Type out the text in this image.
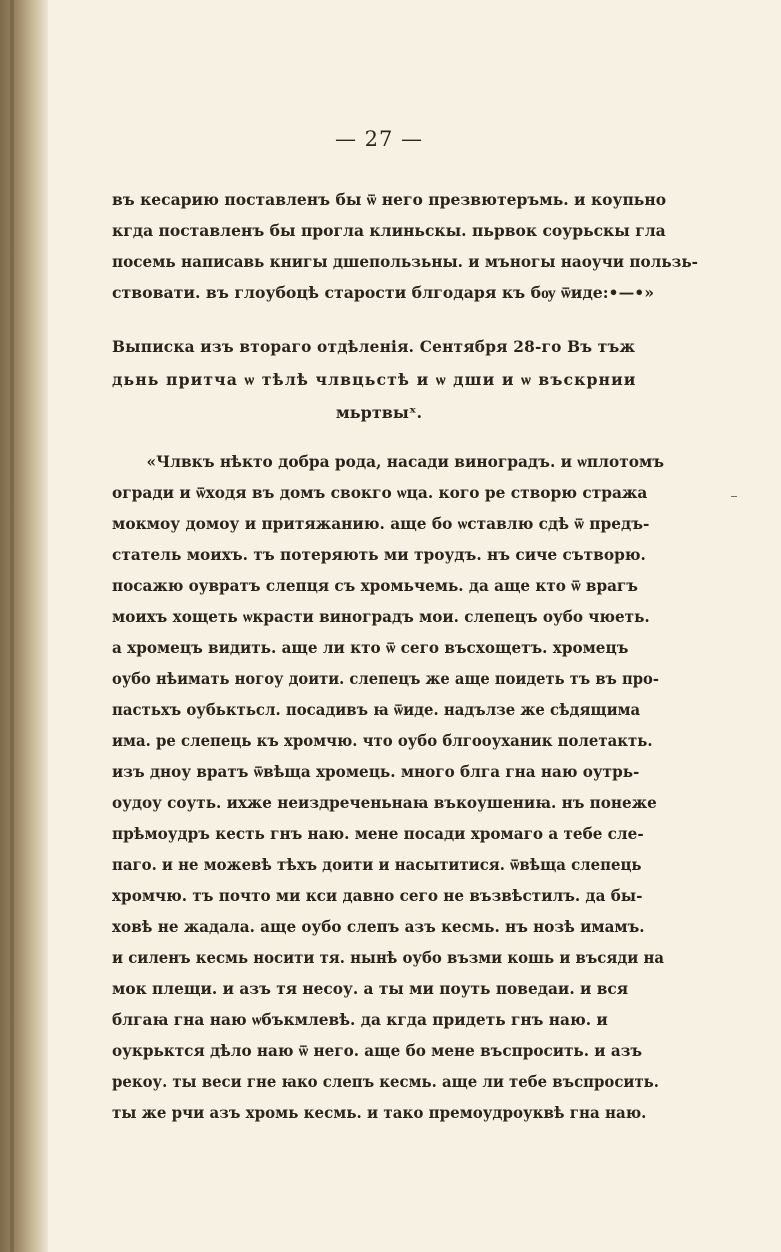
— 27 —
въ кесарию поставленъ бы ѿ него презвютеръмь. и коупьно
кгда поставленъ бы прогла клиньскы. пьрвок соурьскы гла
посемь написавь книгы дшепользьны. и мъногы наоучи пользь-
ствовати. въ глоубоцѣ старости блгодаря къ бѹ ѿиде:•—•»
Выписка изъ втораго отдѣленія. Сентября 28-го Въ тъж
дьнь притча ѡ тѣлѣ члвцьстѣ и ѡ дши и ѡ въскрнии
мьртвыˣ.
«Члвкъ нѣкто добра рода, насади виноградъ. и ѡплотомъ
огради и ѿходя въ домъ свокго ѡца. кого ре створю стража
мокмоу домоу и притяжанию. аще бо ѡставлю сдѣ ѿ предъ-
статель моихъ. тъ потеряють ми троудъ. нъ сиче сътворю.
посажю оувратъ слепця съ хромьчемь. да аще кто ѿ врагъ
моихъ хощеть ѡкрасти виноградъ мои. слепецъ оубо чюеть.
а хромецъ видить. аще ли кто ѿ сего въсхощетъ. хромецъ
оубо нѣимать ногоу доити. слепецъ же аще поидеть тъ въ про-
пастьхъ оубьктьсл. посадивъ ꙗ ѿиде. надълзе же сѣдящима
има. ре слепець къ хромчю. что оубо блгооуханик полетакть.
изъ дноу вратъ ѿвѣща хромець. много блга гна наю оутрь-
оудоу соуть. ихже неиздреченьнаꙗ въкоушениꙗ. нъ понеже
прѣмоудръ кесть гнъ наю. мене посади хромаго а тебе сле-
паго. и не можевѣ тѣхъ доити и насытитися. ѿвѣща слепець
хромчю. тъ почто ми кси давно сего не възвѣстилъ. да бы-
ховѣ не жадала. аще оубо слепъ азъ кесмь. нъ нозѣ имамъ.
и силенъ кесмь носити тя. нынѣ оубо възми кошь и въсяди на
мок плещи. и азъ тя несоу. а ты ми поуть поведаи. и вся
блгаꙗ гна наю ѡбъкмлевѣ. да кгда придеть гнъ наю. и
оукрьктся дѣло наю ѿ него. аще бо мене въспросить. и азъ
рекоу. ты веси гне ꙗко слепъ кесмь. аще ли тебе въспросить.
ты же рчи азъ хромь кесмь. и тако премоудроуквѣ гна наю.
